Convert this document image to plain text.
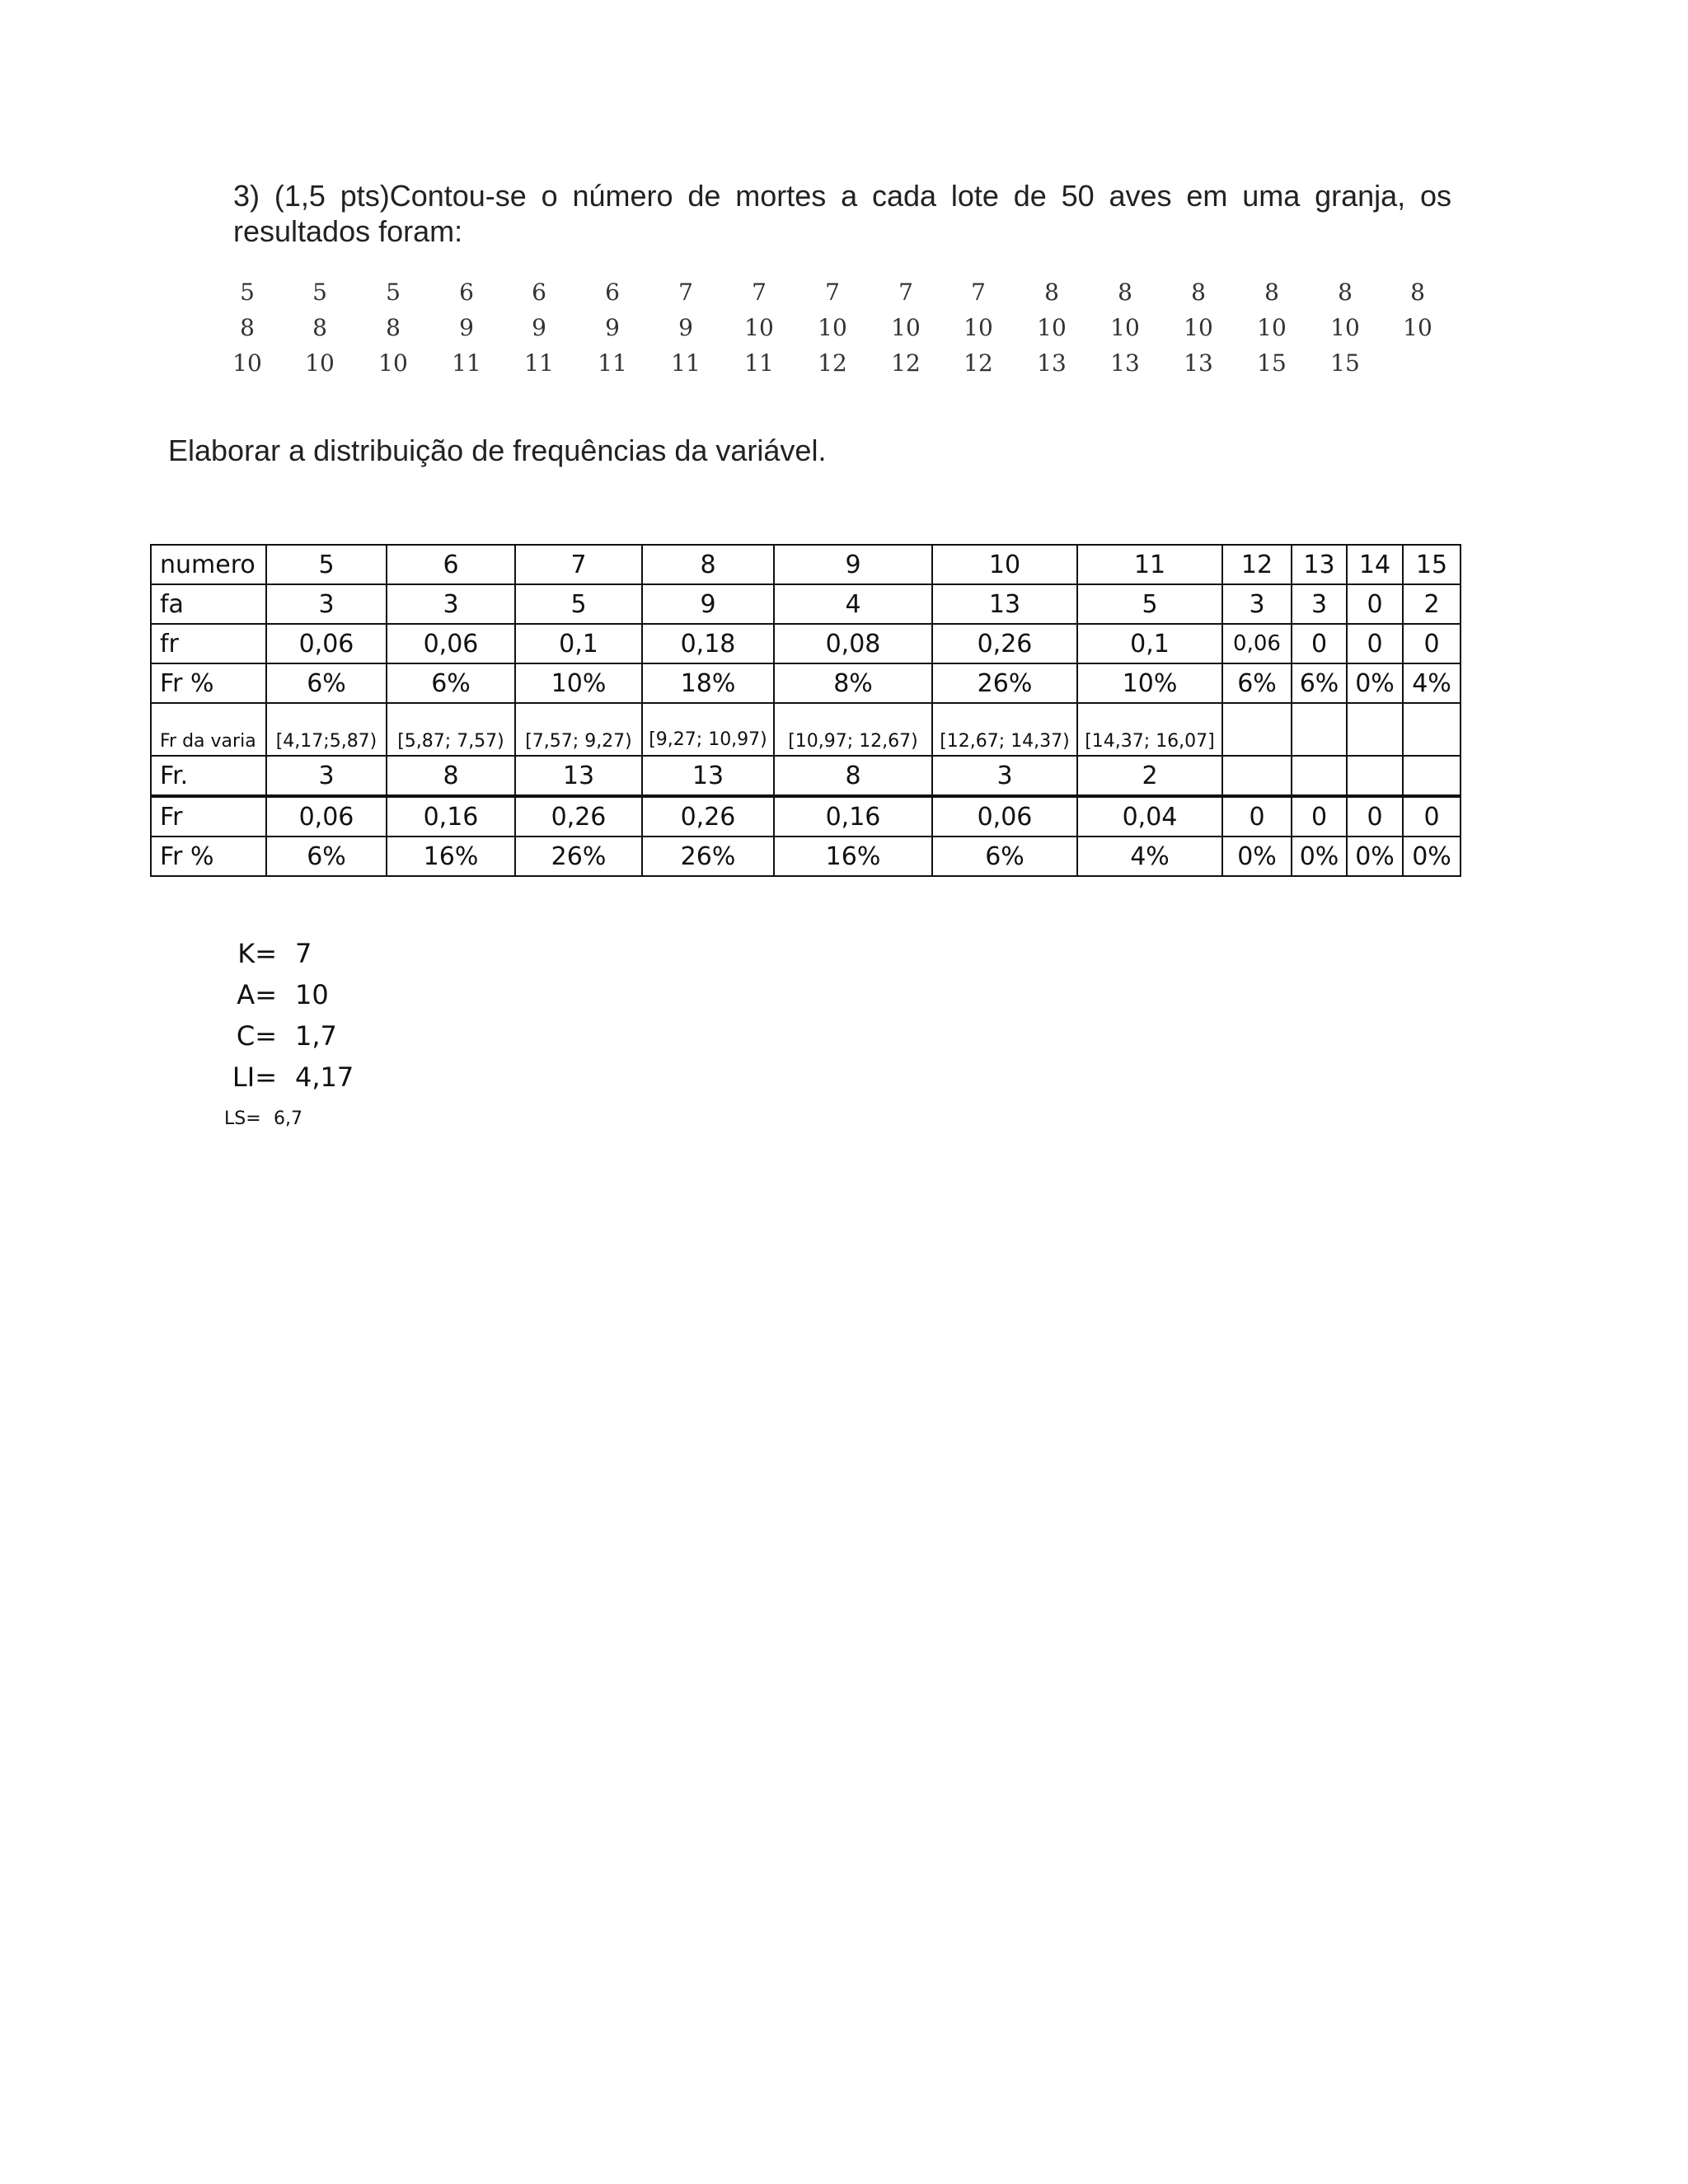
3) (1,5 pts)Contou-se o número de mortes a cada lote de 50 aves em uma granja, os resultados foram:
5	5	5	6	6	6	7	7	7	7	7	8	8	8	8	8	8
8	8	8	9	9	9	9	10 10 10 10 10 10 10 10 10 10
10 10 10 11 11 11 11 11 12 12 12 13 13 13 15 15
Elaborar a distribuição de frequências da variável.
numero	5	6	7	8	9	10	11	12	13	14	15
fa	3	3	5	9	4	13	5	3	3	0	2
fr	0,06	0,06	0,1	0,18	0,08	0,26	0,1	0,06	0	0	0
Fr %	6%	6%	10%	18%	8%	26%	10%	6%	6%	0%	4%
Fr da varia	[4,17;5,87)	[5,87; 7,57)	[7,57; 9,27)	[9,27; 10,97)	[10,97; 12,67)	[12,67; 14,37)	[14,37; 16,07]				
Fr.	3	8	13	13	8	3	2				
Fr	0,06	0,16	0,26	0,26	0,16	0,06	0,04	0	0	0	0
Fr %	6%	16%	26%	26%	16%	6%	4%	0%	0%	0%	0%
K= 7
A= 10
C= 1,7
LI= 4,17
LS= 6,7
